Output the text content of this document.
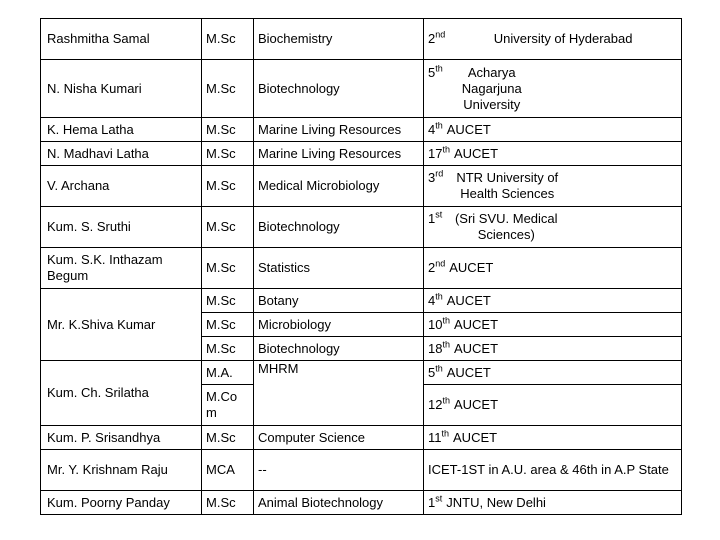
Rashmitha Samal	M.Sc	Biochemistry	2nd University of Hyderabad

N. Nisha Kumari	M.Sc	Biotechnology	5th Acharya Nagarjuna University

K. Hema Latha	M.Sc	Marine Living Resources	4th AUCET

N. Madhavi Latha	M.Sc	Marine Living Resources	17th AUCET

V. Archana	M.Sc	Medical Microbiology	3rd NTR University of Health Sciences

Kum. S. Sruthi	M.Sc	Biotechnology	1st (Sri SVU. Medical Sciences)

Kum. S.K. Inthazam Begum	M.Sc	Statistics	2nd AUCET

Mr. K.Shiva Kumar	M.Sc	Botany	4th AUCET

	M.Sc	Microbiology	10th AUCET

	M.Sc	Biotechnology	18th AUCET

Kum. Ch. Srilatha	M.A.	MHRM	5th AUCET

	M.Co m		12th AUCET

Kum. P. Srisandhya	M.Sc	Computer Science	11th AUCET

Mr. Y. Krishnam Raju	MCA	--	ICET-1ST in A.U. area & 46th in A.P State
Kum. Poorny Panday	M.Sc	Animal Biotechnology	1st JNTU, New Delhi
